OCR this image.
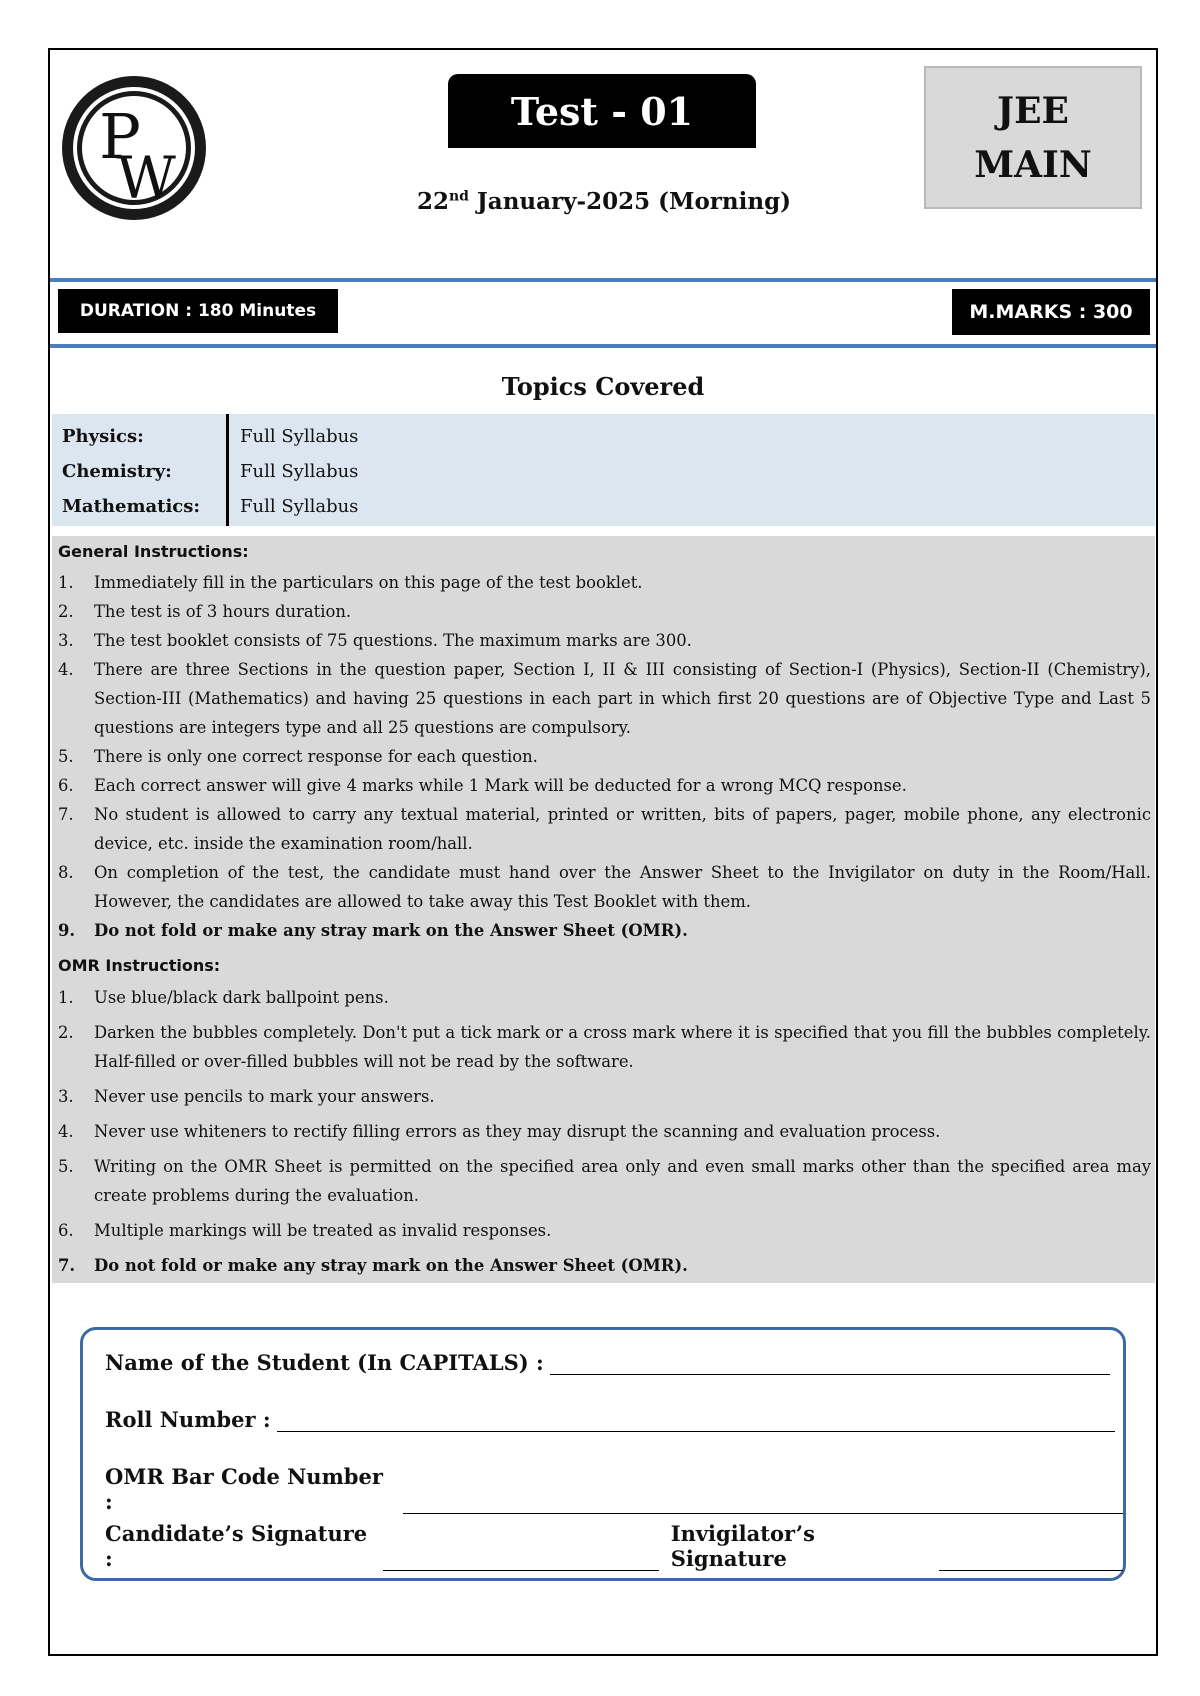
P
W
Test - 01
22nd January-2025 (Morning)
JEE
MAIN
DURATION : 180 Minutes	M.MARKS : 300
Topics Covered
Physics:	Full Syllabus
Chemistry:	Full Syllabus
Mathematics: Full Syllabus
General Instructions:
1. Immediately fill in the particulars on this page of the test booklet.
2. The test is of 3 hours duration.
3. The test booklet consists of 75 questions. The maximum marks are 300.
4. There are three Sections in the question paper, Section I, II & III consisting of Section-I (Physics), Section-II (Chemistry), Section-III (Mathematics) and having 25 questions in each part in which first 20 questions are of Objective Type and Last 5 questions are integers type and all 25 questions are compulsory.
5. There is only one correct response for each question.
6. Each correct answer will give 4 marks while 1 Mark will be deducted for a wrong MCQ response.
7. No student is allowed to carry any textual material, printed or written, bits of papers, pager, mobile phone, any electronic device, etc. inside the examination room/hall.
8. On completion of the test, the candidate must hand over the Answer Sheet to the Invigilator on duty in the Room/Hall. However, the candidates are allowed to take away this Test Booklet with them.
9. Do not fold or make any stray mark on the Answer Sheet (OMR).
OMR Instructions:
1. Use blue/black dark ballpoint pens.
2. Darken the bubbles completely. Don't put a tick mark or a cross mark where it is specified that you fill the bubbles completely. Half-filled or over-filled bubbles will not be read by the software.
3. Never use pencils to mark your answers.
4. Never use whiteners to rectify filling errors as they may disrupt the scanning and evaluation process.
5. Writing on the OMR Sheet is permitted on the specified area only and even small marks other than the specified area may create problems during the evaluation.
6. Multiple markings will be treated as invalid responses.
7. Do not fold or make any stray mark on the Answer Sheet (OMR).
Name of the Student (In CAPITALS) :
Roll Number :
OMR Bar Code Number :
Candidate’s Signature :
Invigilator’s Signature
